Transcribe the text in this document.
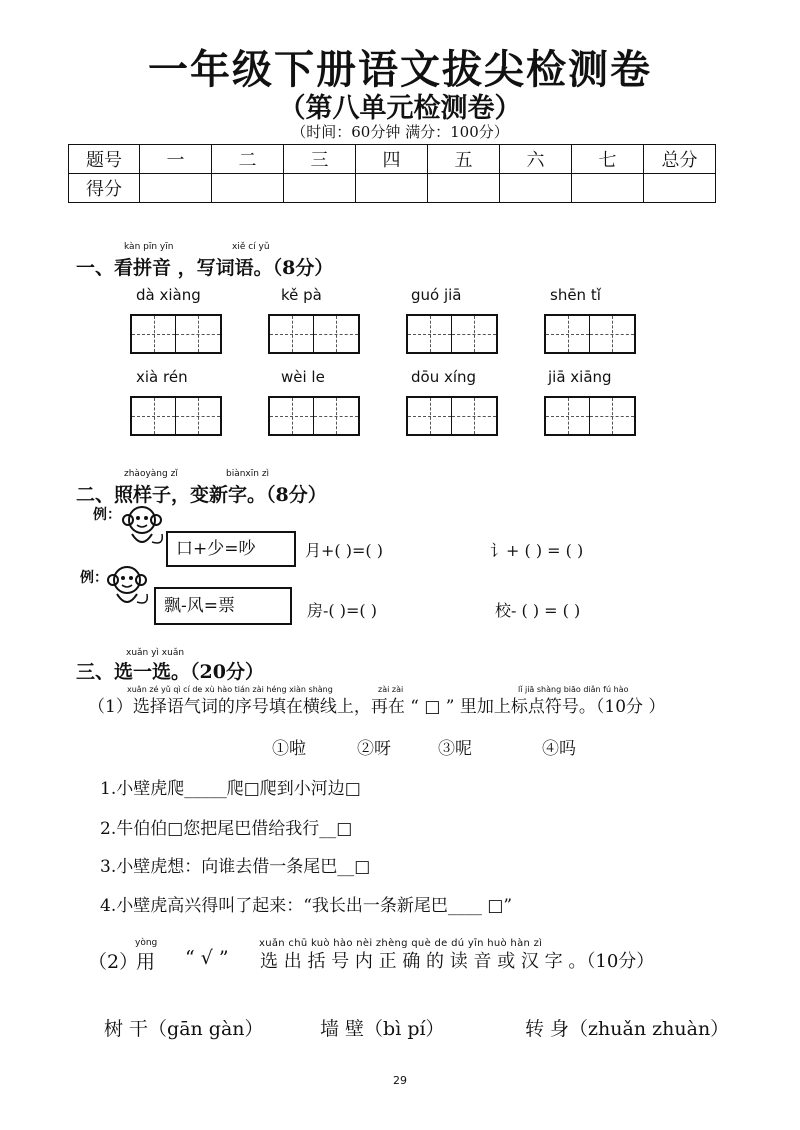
一年级下册语文拔尖检测卷
（第八单元检测卷）
（时间：60分钟 满分：100分）
题号	一	二	三	四	五	六	七	总分
得分								
kàn pīn yīn	xiě cí yǔ
一、看拼音 ，写词语。（8分）
dà xiàng	kě pà	guó jiā	shēn tǐ
xià rén	wèi le	dōu xíng	jiā xiāng
zhàoyàng zǐ	biànxīn zì
二、照样子，变新字。（8分）
例：
口+少=吵	月+( )=( )	讠+ ( ) = ( )
例：
飘-风=票	房-( )=( )	校- ( ) = ( )
xuǎn yì xuǎn
三、选一选。（20分）
xuǎn zé yǔ qì cí de xù hào tián zài héng xiàn shàng	zài zài	lǐ jiā shàng biāo diǎn fú hào
（1）选择语气词的序号填在横线上，再在 “ □ ” 里加上标点符号。（10分 ）
①啦	②呀	③呢	④吗
1.小壁虎爬_____爬□爬到小河边□
2.牛伯伯□您把尾巴借给我行__□
3.小壁虎想：向谁去借一条尾巴__□
4.小壁虎高兴得叫了起来：“我长出一条新尾巴____ □”
yòng	xuǎn chū kuò hào nèi zhèng què de dú yīn huò hàn zì
（2）
用 “ √ ” 选 出 括 号 内 正 确 的 读 音 或 汉 字 。（10分）
树 干（gān gàn）	墙 壁（bì pí）	转 身（zhuǎn zhuàn）
29
